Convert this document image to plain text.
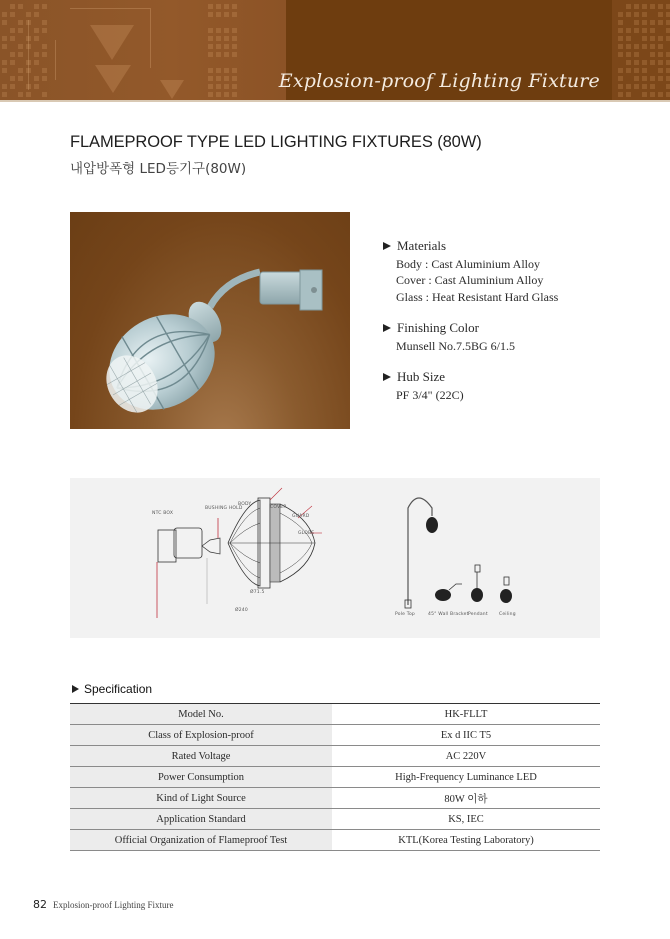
Explosion-proof Lighting Fixture
FLAMEPROOF TYPE LED LIGHTING FIXTURES (80W)
내압방폭형 LED등기구(80W)
Materials
Body : Cast Aluminium Alloy
Cover : Cast Aluminium Alloy
Glass : Heat Resistant Hard Glass
Finishing Color
Munsell No.7.5BG 6/1.5
Hub Size
PF 3/4" (22C)
NTC BOX
BUSHING HOLD
BODY
COVER
GUARD
GLOBE
Ø71.5
Ø240
Pole Top	45° Wall Bracket Pendant Ceiling
Specification
Model No.	HK-FLLT
Class of Explosion-proof	Ex d IIC T5
Rated Voltage	AC 220V
Power Consumption	High-Frequency Luminance LED
Kind of Light Source	80W 이하
Application Standard	KS, IEC
Official Organization of Flameproof Test	KTL(Korea Testing Laboratory)
82 Explosion-proof Lighting Fixture
